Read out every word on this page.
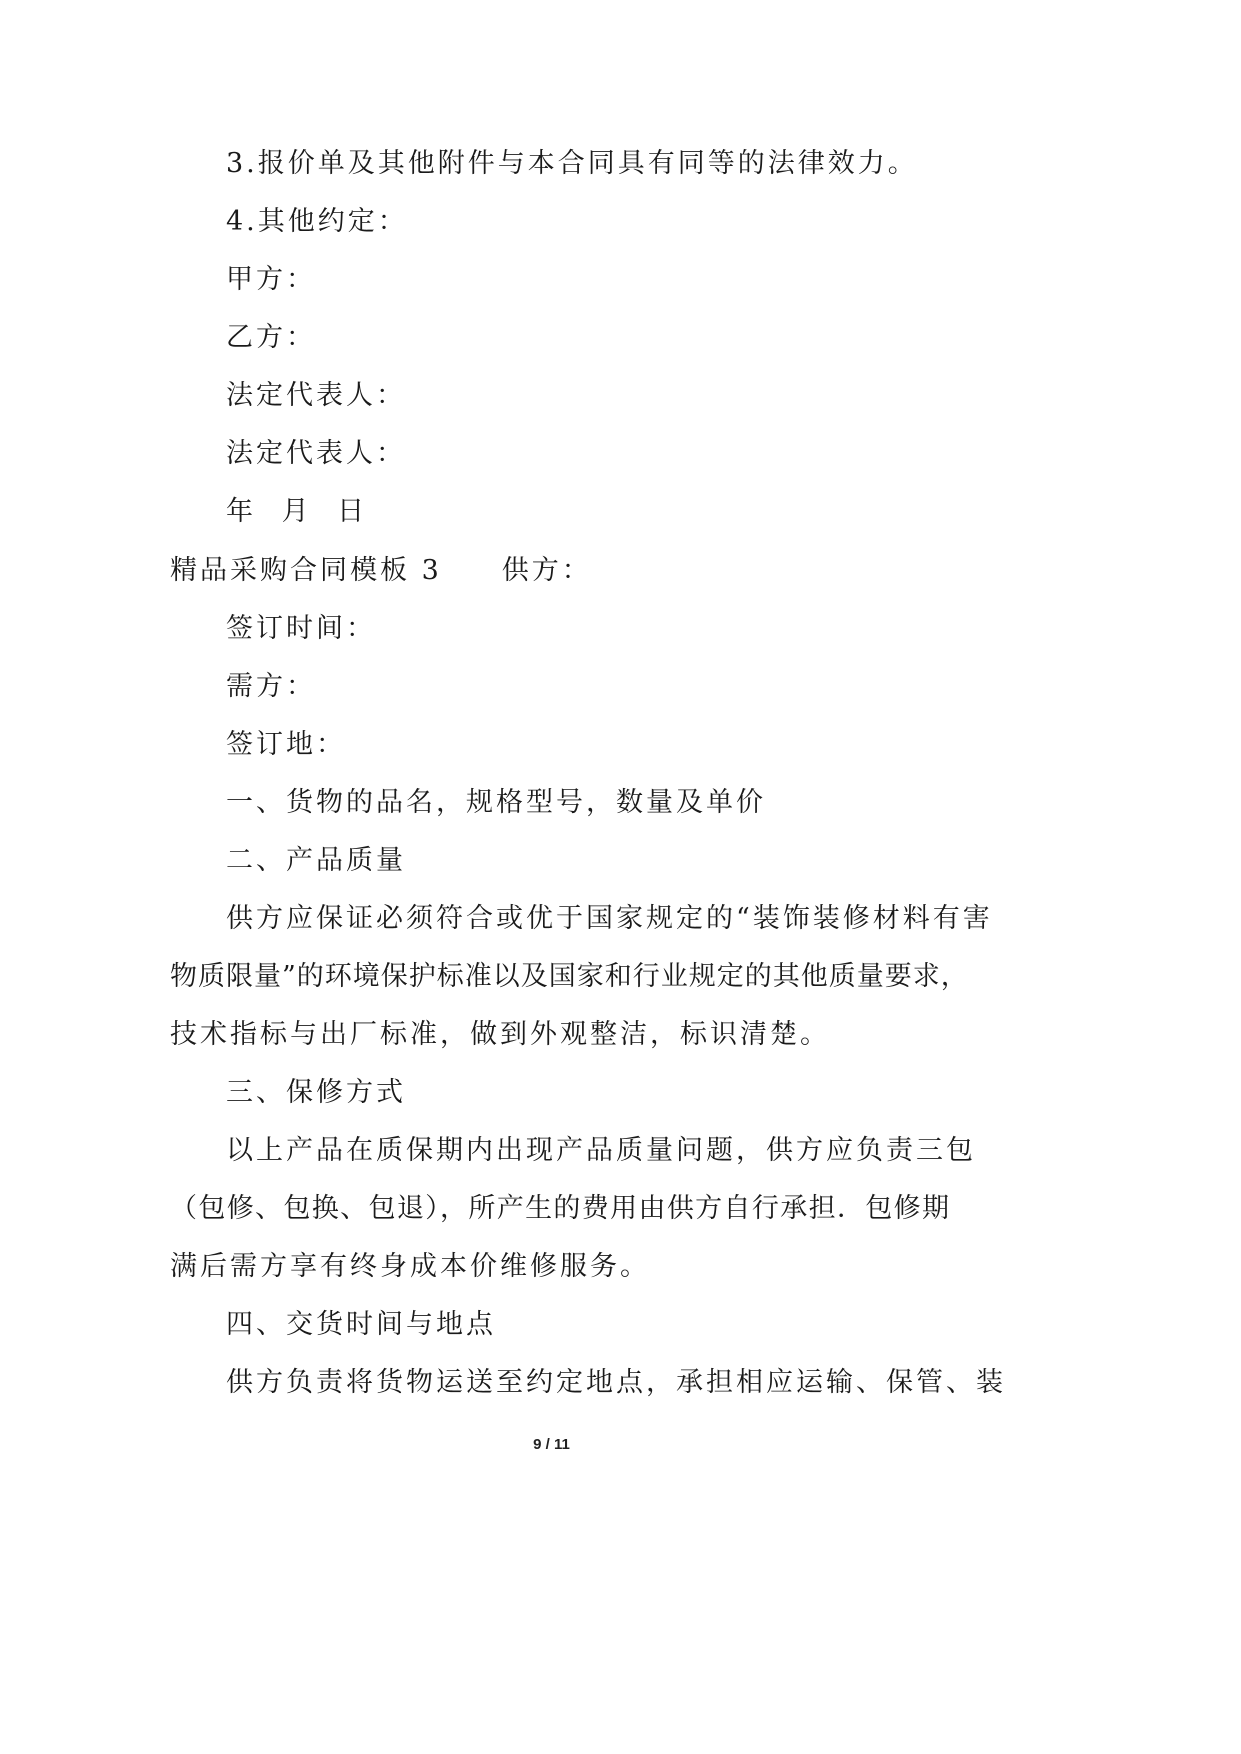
3.报价单及其他附件与本合同具有同等的法律效力。
4.其他约定：
甲方：
乙方：
法定代表人：
法定代表人：
年 月 日
精品采购合同模板 3　　供方：
签订时间：
需方：
签订地：
一、货物的品名，规格型号，数量及单价
二、产品质量
供方应保证必须符合或优于国家规定的“装饰装修材料有害
物质限量”的环境保护标准以及国家和行业规定的其他质量要求，
技术指标与出厂标准，做到外观整洁，标识清楚。
三、保修方式
以上产品在质保期内出现产品质量问题，供方应负责三包
（包修、包换、包退），所产生的费用由供方自行承担．包修期
满后需方享有终身成本价维修服务。
四、交货时间与地点
供方负责将货物运送至约定地点，承担相应运输、保管、装
9 / 11
